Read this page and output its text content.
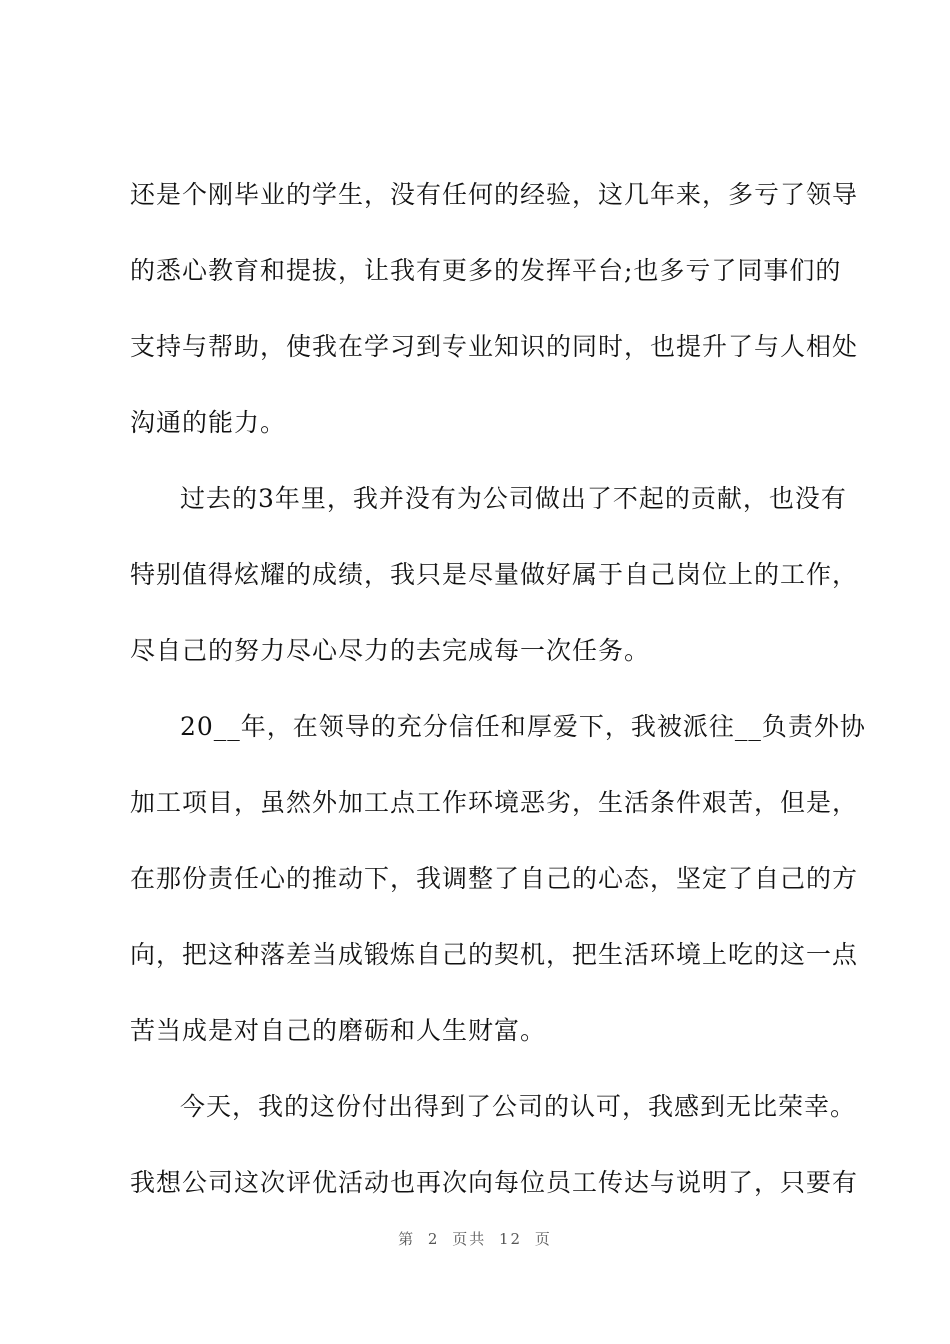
还是个刚毕业的学生，没有任何的经验，这几年来，多亏了领导
的悉心教育和提拔，让我有更多的发挥平台;也多亏了同事们的
支持与帮助，使我在学习到专业知识的同时，也提升了与人相处
沟通的能力。
过去的3年里，我并没有为公司做出了不起的贡献，也没有
特别值得炫耀的成绩，我只是尽量做好属于自己岗位上的工作，
尽自己的努力尽心尽力的去完成每一次任务。
20__年，在领导的充分信任和厚爱下，我被派往__负责外协
加工项目，虽然外加工点工作环境恶劣，生活条件艰苦，但是，
在那份责任心的推动下，我调整了自己的心态，坚定了自己的方
向，把这种落差当成锻炼自己的契机，把生活环境上吃的这一点
苦当成是对自己的磨砺和人生财富。
今天，我的这份付出得到了公司的认可，我感到无比荣幸。
我想公司这次评优活动也再次向每位员工传达与说明了，只要有
第 2 页共 12 页
